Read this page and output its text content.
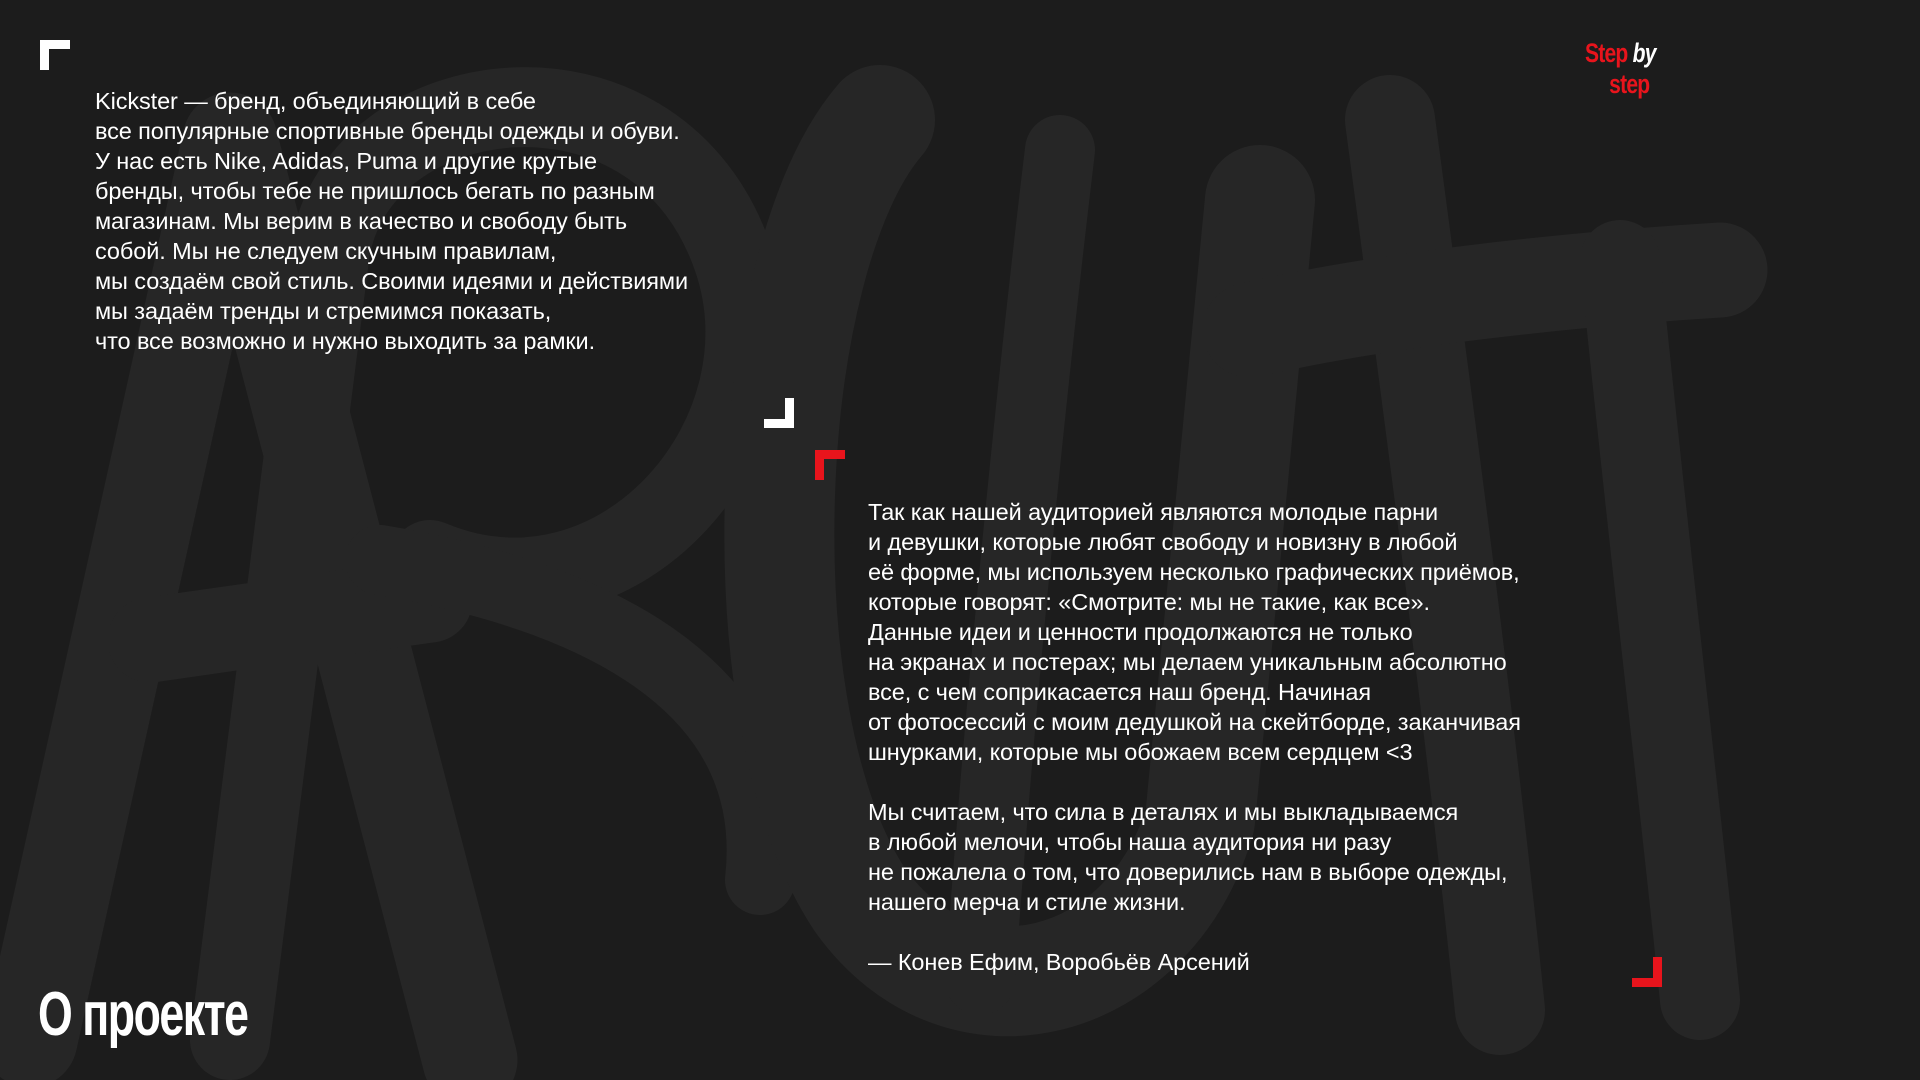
Step by
step
Kickster — бренд, объединяющий в себе
все популярные спортивные бренды одежды и обуви.
У нас есть Nike, Adidas, Puma и другие крутые
бренды, чтобы тебе не пришлось бегать по разным
магазинам. Мы верим в качество и свободу быть
собой. Мы не следуем скучным правилам,
мы создаём свой стиль. Своими идеями и действиями
мы задаём тренды и стремимся показать,
что все возможно и нужно выходить за рамки.
Так как нашей аудиторией являются молодые парни
и девушки, которые любят свободу и новизну в любой
её форме, мы используем несколько графических приёмов,
которые говорят: «Смотрите: мы не такие, как все».
Данные идеи и ценности продолжаются не только
на экранах и постерах; мы делаем уникальным абсолютно
все, с чем соприкасается наш бренд. Начиная
от фотосессий с моим дедушкой на скейтборде, заканчивая
шнурками, которые мы обожаем всем сердцем <3
Мы считаем, что сила в деталях и мы выкладываемся
в любой мелочи, чтобы наша аудитория ни разу
не пожалела о том, что доверились нам в выборе одежды,
нашего мерча и стиле жизни.
— Конев Ефим, Воробьёв Арсений
О проекте
